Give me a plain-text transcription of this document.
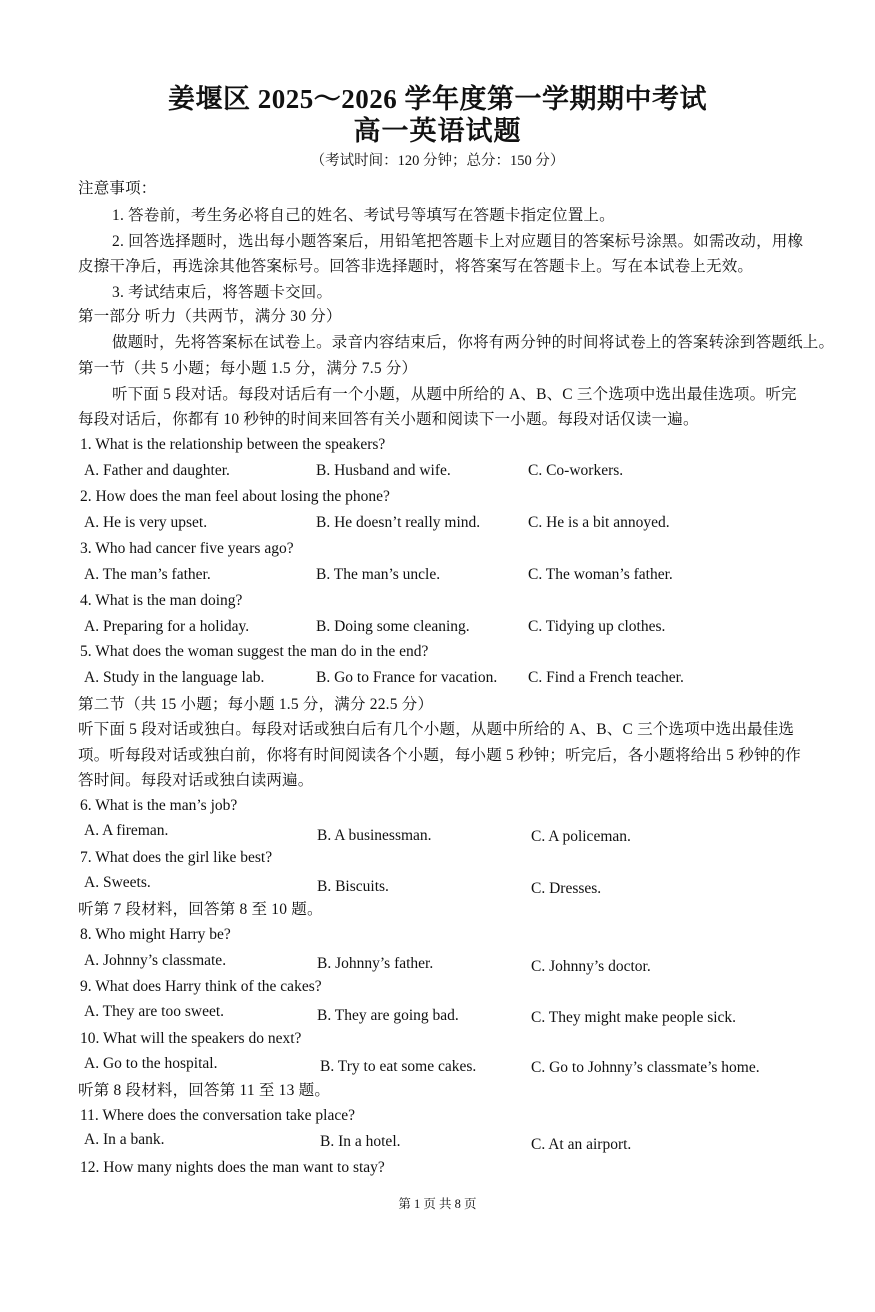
姜堰区 2025～2026 学年度第一学期期中考试
高一英语试题
（考试时间：120 分钟；总分：150 分）
注意事项：
1. 答卷前，考生务必将自己的姓名、考试号等填写在答题卡指定位置上。
2. 回答选择题时，选出每小题答案后，用铅笔把答题卡上对应题目的答案标号涂黑。如需改动，用橡
皮擦干净后，再选涂其他答案标号。回答非选择题时，将答案写在答题卡上。写在本试卷上无效。
3. 考试结束后，将答题卡交回。
第一部分 听力（共两节，满分 30 分）
做题时，先将答案标在试卷上。录音内容结束后，你将有两分钟的时间将试卷上的答案转涂到答题纸上。
第一节（共 5 小题；每小题 1.5 分，满分 7.5 分）
听下面 5 段对话。每段对话后有一个小题，从题中所给的 A、B、C 三个选项中选出最佳选项。听完
每段对话后，你都有 10 秒钟的时间来回答有关小题和阅读下一小题。每段对话仅读一遍。
1. What is the relationship between the speakers?
A. Father and daughter.	B. Husband and wife.	C. Co-workers.
2. How does the man feel about losing the phone?
A. He is very upset.	B. He doesn’t really mind.	C. He is a bit annoyed.
3. Who had cancer five years ago?
A. The man’s father.	B. The man’s uncle.	C. The woman’s father.
4. What is the man doing?
A. Preparing for a holiday.	B. Doing some cleaning.	C. Tidying up clothes.
5. What does the woman suggest the man do in the end?
A. Study in the language lab.	B. Go to France for vacation. C. Find a French teacher.
第二节（共 15 小题；每小题 1.5 分，满分 22.5 分）
听下面 5 段对话或独白。每段对话或独白后有几个小题，从题中所给的 A、B、C 三个选项中选出最佳选
项。听每段对话或独白前，你将有时间阅读各个小题，每小题 5 秒钟；听完后，各小题将给出 5 秒钟的作
答时间。每段对话或独白读两遍。
6. What is the man’s job?
A. A fireman.	B. A businessman.	C. A policeman.
7. What does the girl like best?
A. Sweets.	B. Biscuits.	C. Dresses.
听第 7 段材料，回答第 8 至 10 题。
8. Who might Harry be?
A. Johnny’s classmate.	B. Johnny’s father.	C. Johnny’s doctor.
9. What does Harry think of the cakes?
A. They are too sweet.	B. They are going bad.	C. They might make people sick.
10. What will the speakers do next?
A. Go to the hospital.	B. Try to eat some cakes.	C. Go to Johnny’s classmate’s home.
听第 8 段材料，回答第 11 至 13 题。
11. Where does the conversation take place?
A. In a bank.	B. In a hotel.	C. At an airport.
12. How many nights does the man want to stay?
第 1 页 共 8 页
